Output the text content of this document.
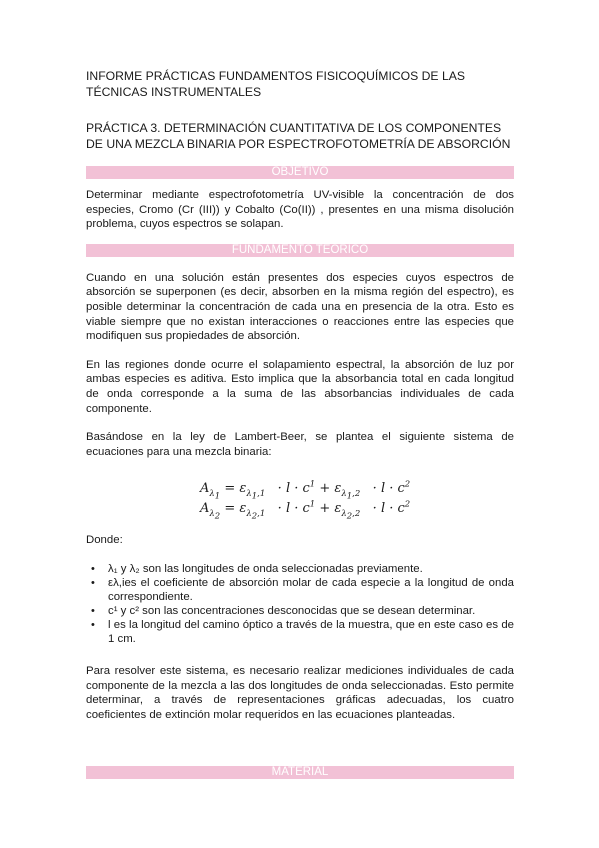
INFORME PRÁCTICAS FUNDAMENTOS FISICOQUÍMICOS DE LAS TÉCNICAS INSTRUMENTALES
PRÁCTICA 3. DETERMINACIÓN CUANTITATIVA DE LOS COMPONENTES DE UNA MEZCLA BINARIA POR ESPECTROFOTOMETRÍA DE ABSORCIÓN
OBJETIVO

Determinar mediante espectrofotometría UV-visible la concentración de dos especies, Cromo (Cr (III)) y Cobalto (Co(II)) , presentes en una misma disolución problema, cuyos espectros se solapan.

FUNDAMENTO TEÓRICO

Cuando en una solución están presentes dos especies cuyos espectros de absorción se superponen (es decir, absorben en la misma región del espectro), es posible determinar la concentración de cada una en presencia de la otra. Esto es viable siempre que no existan interacciones o reacciones entre las especies que modifiquen sus propiedades de absorción.

En las regiones donde ocurre el solapamiento espectral, la absorción de luz por ambas especies es aditiva. Esto implica que la absorbancia total en cada longitud de onda corresponde a la suma de las absorbancias individuales de cada componente.

Basándose en la ley de Lambert-Beer, se plantea el siguiente sistema de ecuaciones para una mezcla binaria:

$A_{\lambda_1} = \varepsilon_{\lambda_1,1} \cdot l \cdot c^1 + \varepsilon_{\lambda_1,2} \cdot l \cdot c^2$
$A_{\lambda_2} = \varepsilon_{\lambda_2,1} \cdot l \cdot c^1 + \varepsilon_{\lambda_2,2} \cdot l \cdot c^2$

Donde:

• λ₁ y λ₂ son las longitudes de onda seleccionadas previamente.
• ελ,ies el coeficiente de absorción molar de cada especie a la longitud de onda correspondiente.
• c¹ y c² son las concentraciones desconocidas que se desean determinar.
• l es la longitud del camino óptico a través de la muestra, que en este caso es de 1 cm.

Para resolver este sistema, es necesario realizar mediciones individuales de cada componente de la mezcla a las dos longitudes de onda seleccionadas. Esto permite determinar, a través de representaciones gráficas adecuadas, los cuatro coeficientes de extinción molar requeridos en las ecuaciones planteadas.

MATERIAL
